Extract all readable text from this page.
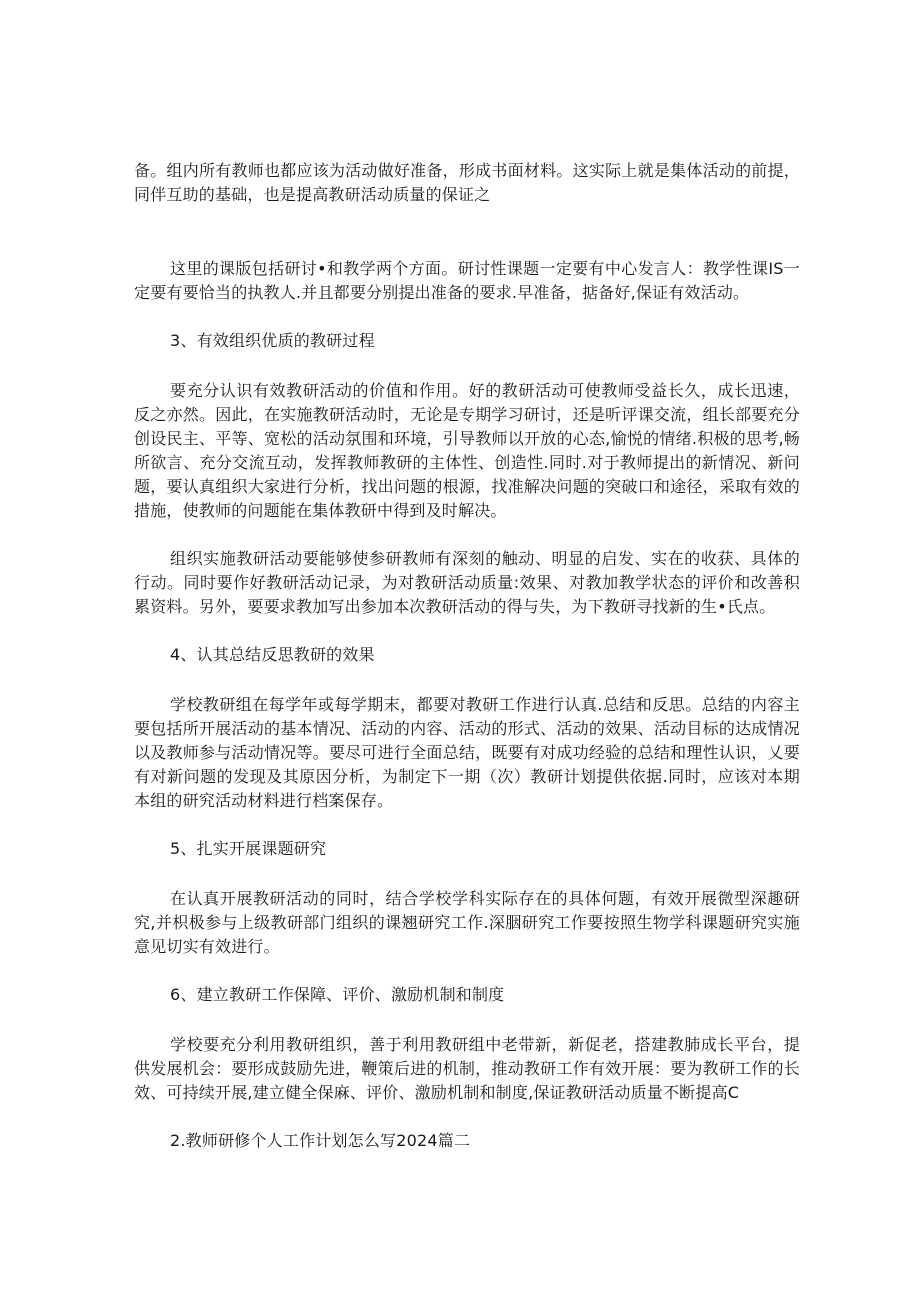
备。组内所有教师也都应该为活动做好准备，形成书面材料。这实际上就是集体活动的前提，同伴互助的基础，也是提高教研活动质量的保证之

这里的课版包括研讨•和教学两个方面。研讨性课题一定要有中心发言人：教学性课IS一定要有要恰当的执教人.并且都要分别提出准备的要求.早准备，掂备好,保证有效活动。

3、有效组织优质的教研过程

要充分认识有效教研活动的价值和作用。好的教研活动可使教师受益长久，成长迅速，反之亦然。因此，在实施教研活动时，无论是专期学习研讨，还是听评课交流，组长部要充分创设民主、平等、宽松的活动氛围和环境，引导教师以开放的心态,愉悦的情绪.积极的思考,畅所欲言、充分交流互动，发挥教师教研的主体性、创造性.同时.对于教师提出的新情况、新问题，要认真组织大家进行分析，找出问题的根源，找准解决问题的突破口和途径，采取有效的措施，使教师的问题能在集体教研中得到及时解决。

组织实施教研活动要能够使参研教师有深刻的触动、明显的启发、实在的收获、具体的行动。同时要作好教研活动记录，为对教研活动质量:效果、对教加教学状态的评价和改善积累资料。另外，要要求教加写出参加本次教研活动的得与失，为下教研寻找新的生•氏点。

4、认其总结反思教研的效果

学校教研组在每学年或每学期末，都要对教研工作进行认真.总结和反思。总结的内容主要包括所开展活动的基本情况、活动的内容、活动的形式、活动的效果、活动目标的达成情况以及教师参与活动情况等。要尽可进行全面总结，既要有对成功经验的总结和理性认识，乂要有对新问题的发现及其原因分析，为制定下一期（次）教研计划提供依据.同时，应该对本期本组的研究活动材料进行档案保存。

5、扎实开展课题研究

在认真开展教研活动的同时，结合学校学科实际存在的具体何题，有效开展微型深趣研究,并枳极参与上级教研部门组织的课翘研究工作.深胭研究工作要按照生物学科课题研究实施意见切实有效进行。

6、建立教研工作保障、评价、激励机制和制度

学校要充分利用教研组织，善于利用教研组中老带新，新促老，搭建教肺成长平台，提供发展机会：要形成鼓励先进，鞭策后进的机制，推动教研工作有效开展：要为教研工作的长效、可持续开展,建立健全保麻、评价、激励机制和制度,保证教研活动质量不断提高C

2.教师研修个人工作计划怎么写2024篇二
